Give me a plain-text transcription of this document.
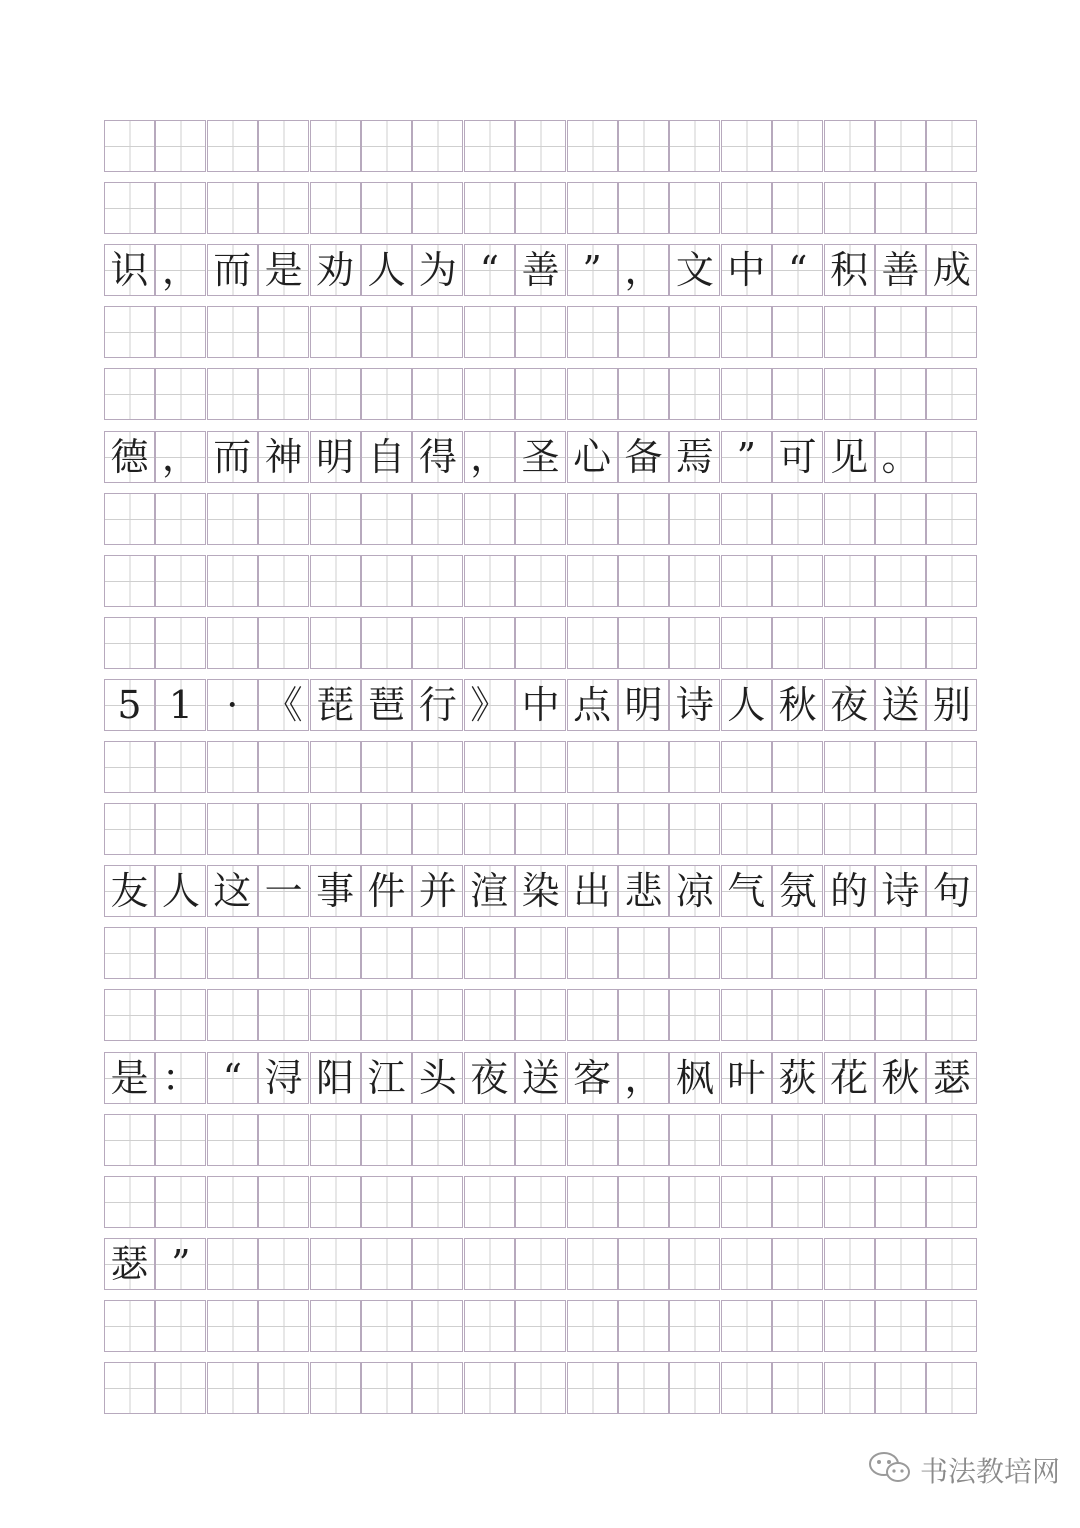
识 ， 而 是 劝 人 为 “ 善 ” ， 文 中 “ 积 善 成
德 ， 而 神 明 自 得 ， 圣 心 备 焉 ” 可 见 。
5 1 · 《 琵 琶 行 》 中 点 明 诗 人 秋 夜 送 别
友 人 这 一 事 件 并 渲 染 出 悲 凉 气 氛 的 诗 句
是 ： “ 浔 阳 江 头 夜 送 客 ， 枫 叶 荻 花 秋 瑟
瑟 ”
书法教培网
